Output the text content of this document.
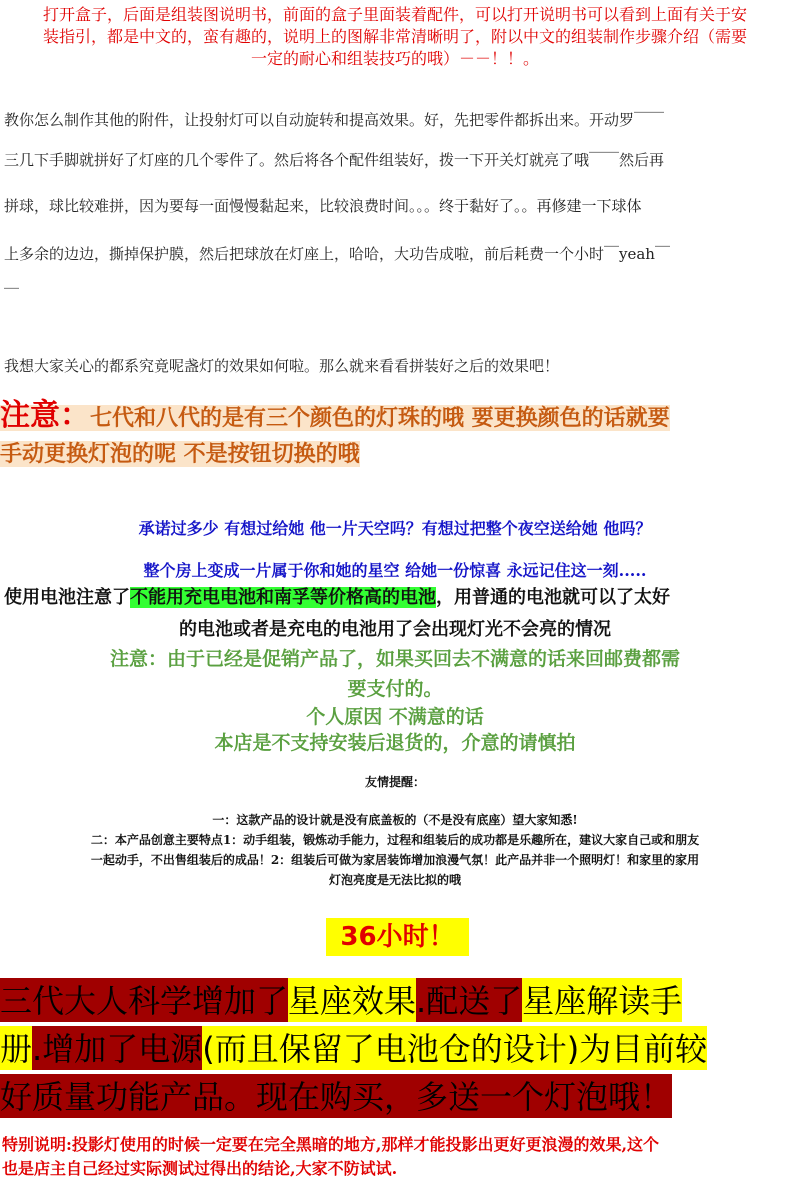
打开盒子，后面是组装图说明书，前面的盒子里面装着配件，可以打开说明书可以看到上面有关于安
装指引，都是中文的，蛮有趣的，说明上的图解非常清晰明了，附以中文的组装制作步骤介绍（需要
一定的耐心和组装技巧的哦）－－！！。
教你怎么制作其他的附件，让投射灯可以自动旋转和提高效果。好，先把零件都拆出来。开动罗￣￣
三几下手脚就拼好了灯座的几个零件了。然后将各个配件组装好，拨一下开关灯就亮了哦￣￣然后再
拼球，球比较难拼，因为要每一面慢慢黏起来，比较浪费时间。。。终于黏好了。。再修建一下球体
上多余的边边，撕掉保护膜，然后把球放在灯座上，哈哈，大功告成啦，前后耗费一个小时￣yeah￣
￣
我想大家关心的都系究竟呢盏灯的效果如何啦。那么就来看看拼装好之后的效果吧！
注意：七代和八代的是有三个颜色的灯珠的哦 要更换颜色的话就要
手动更换灯泡的呢 不是按钮切换的哦
承诺过多少 有想过给她 他一片天空吗？有想过把整个夜空送给她 他吗？
整个房上变成一片属于你和她的星空 给她一份惊喜 永远记住这一刻.....
使用电池注意了不能用充电电池和南孚等价格高的电池，用普通的电池就可以了太好
的电池或者是充电的电池用了会出现灯光不会亮的情况
注意：由于已经是促销产品了，如果买回去不满意的话来回邮费都需
要支付的。
个人原因 不满意的话
本店是不支持安装后退货的，介意的请慎拍
友情提醒：
一：这款产品的设计就是没有底盖板的（不是没有底座）望大家知悉!
二：本产品创意主要特点1：动手组装，锻炼动手能力，过程和组装后的成功都是乐趣所在，建议大家自己或和朋友
一起动手，不出售组装后的成品！2：组装后可做为家居装饰增加浪漫气氛！此产品并非一个照明灯！和家里的家用
灯泡亮度是无法比拟的哦
36小时！
三代大人科学增加了星座效果.配送了星座解读手
册.增加了电源(而且保留了电池仓的设计)为目前较
好质量功能产品。现在购买，多送一个灯泡哦！
特别说明:投影灯使用的时候一定要在完全黑暗的地方,那样才能投影出更好更浪漫的效果,这个
也是店主自己经过实际测试过得出的结论,大家不防试试.
